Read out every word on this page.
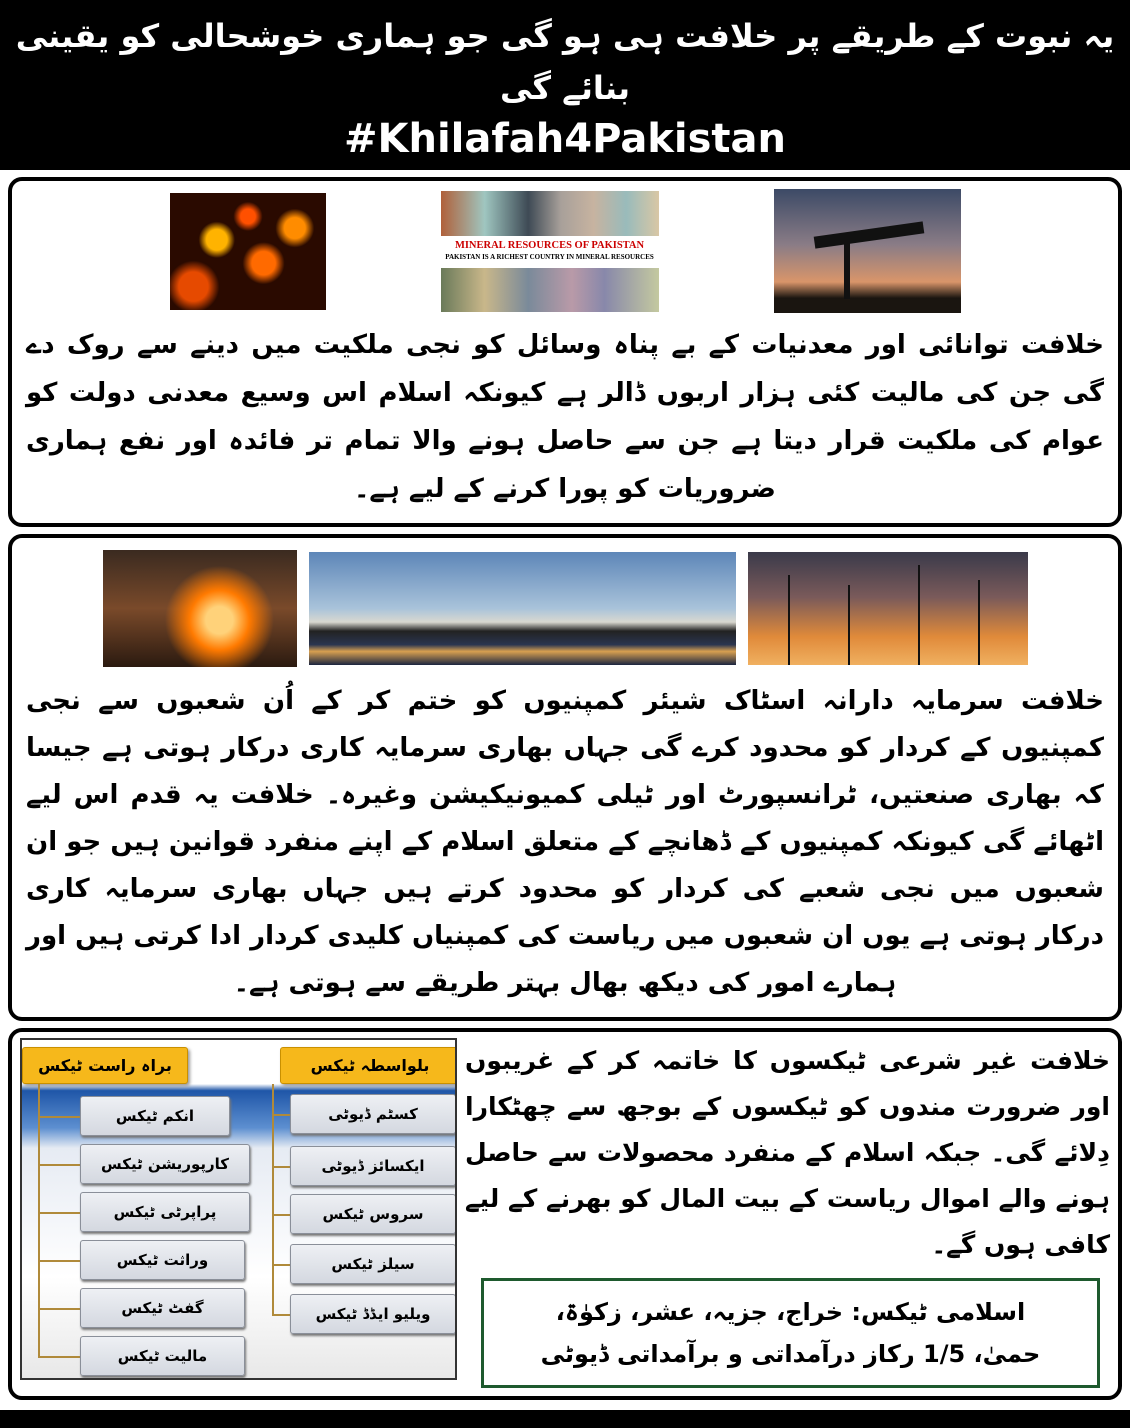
یہ نبوت کے طریقے پر خلافت ہی ہو گی جو ہماری خوشحالی کو یقینی بنائے گی
#Khilafah4Pakistan
MINERAL RESOURCES OF PAKISTAN
PAKISTAN IS A RICHEST COUNTRY IN MINERAL RESOURCES
خلافت توانائی اور معدنیات کے بے پناہ وسائل کو نجی ملکیت میں دینے سے روک دے گی جن کی مالیت کئی ہزار اربوں ڈالر ہے کیونکہ اسلام اس وسیع معدنی دولت کو عوام کی ملکیت قرار دیتا ہے جن سے حاصل ہونے والا تمام تر فائدہ اور نفع ہماری ضروریات کو پورا کرنے کے لیے ہے۔
خلافت سرمایہ دارانہ اسٹاک شیئر کمپنیوں کو ختم کر کے اُن شعبوں سے نجی کمپنیوں کے کردار کو محدود کرے گی جہاں بھاری سرمایہ کاری درکار ہوتی ہے جیسا کہ بھاری صنعتیں، ٹرانسپورٹ اور ٹیلی کمیونیکیشن وغیرہ۔ خلافت یہ قدم اس لیے اٹھائے گی کیونکہ کمپنیوں کے ڈھانچے کے متعلق اسلام کے اپنے منفرد قوانین ہیں جو ان شعبوں میں نجی شعبے کی کردار کو محدود کرتے ہیں جہاں بھاری سرمایہ کاری درکار ہوتی ہے یوں ان شعبوں میں ریاست کی کمپنیاں کلیدی کردار ادا کرتی ہیں اور ہمارے امور کی دیکھ بھال بہتر طریقے سے ہوتی ہے۔
براہ راست ٹیکس	بلواسطہ ٹیکس
انکم ٹیکس
کارپوریشن ٹیکس
پراپرٹی ٹیکس
وراثت ٹیکس
گفٹ ٹیکس
مالیت ٹیکس
کسٹم ڈیوٹی
ایکسائز ڈیوٹی
سروس ٹیکس
سیلز ٹیکس
ویلیو ایڈڈ ٹیکس
خلافت غیر شرعی ٹیکسوں کا خاتمہ کر کے غریبوں اور ضرورت مندوں کو ٹیکسوں کے بوجھ سے چھٹکارا دِلائے گی۔ جبکہ اسلام کے منفرد محصولات سے حاصل ہونے والے اموال ریاست کے بیت المال کو بھرنے کے لیے کافی ہوں گے۔
اسلامی ٹیکس: خراج، جزیہ، عشر، زکوٰۃ،
حمیٰ، 1/5 رکاز درآمداتی و برآمداتی ڈیوٹی
